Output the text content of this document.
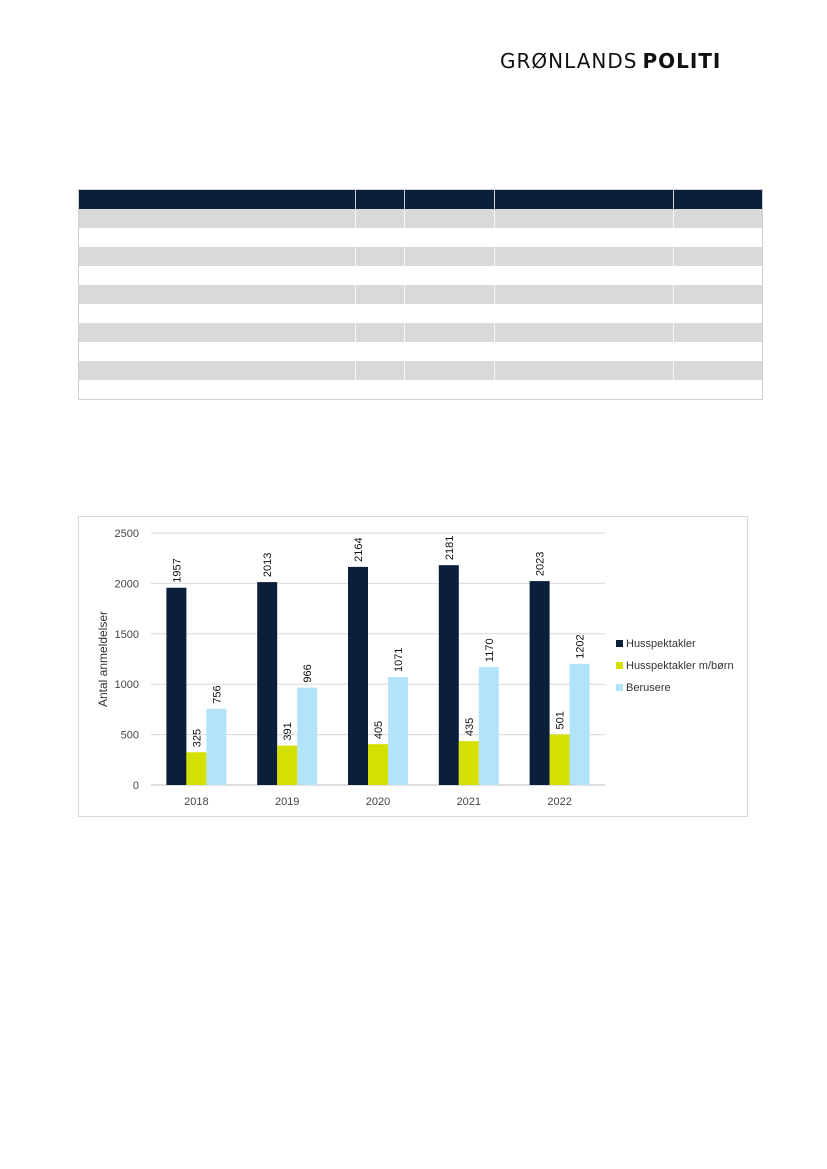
GRØNLANDS POLITI
0
500
1000
1500
2000
2500
Antal anmeldelser
1957
325
756
2018
2013
391
966
2019
2164
405
1071
2020
2181
435
1170
2021
2023
501
1202
2022
Husspektakler
Husspektakler m/børn
Berusere
